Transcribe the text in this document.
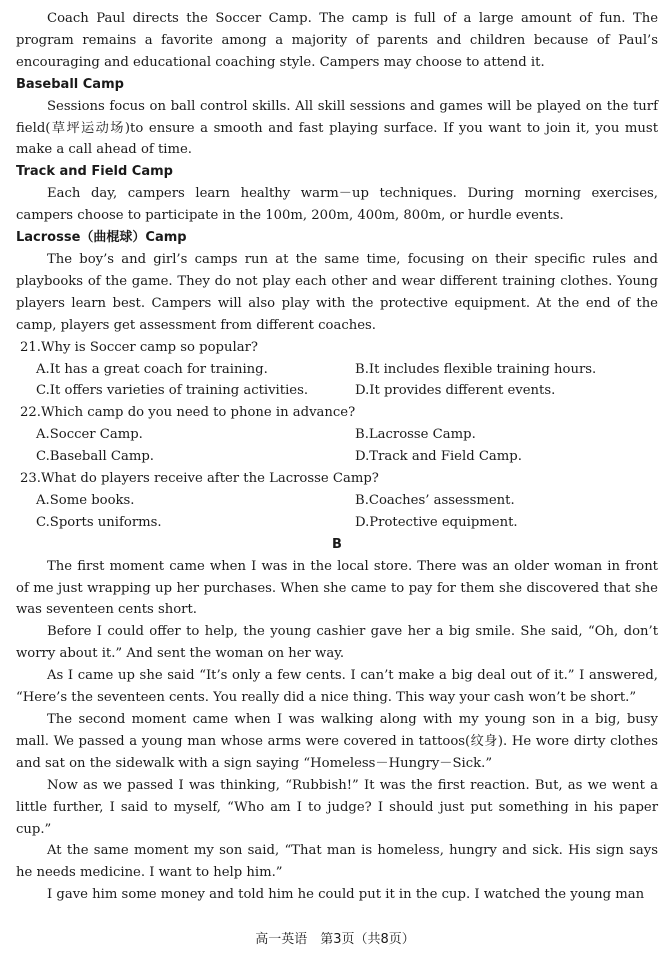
Coach Paul directs the Soccer Camp. The camp is full of a large amount of fun. The program remains a favorite among a majority of parents and children because of Paul’s encouraging and educational coaching style. Campers may choose to attend it.

Baseball Camp

Sessions focus on ball control skills. All skill sessions and games will be played on the turf field(草坪运动场)to ensure a smooth and fast playing surface. If you want to join it, you must make a call ahead of time.

Track and Field Camp

Each day, campers learn healthy warm－up techniques. During morning exercises, campers choose to participate in the 100m, 200m, 400m, 800m, or hurdle events.

Lacrosse（曲棍球）Camp

The boy’s and girl’s camps run at the same time, focusing on their specific rules and playbooks of the game. They do not play each other and wear different training clothes. Young players learn best. Campers will also play with the protective equipment. At the end of the camp, players get assessment from different coaches.

21.Why is Soccer camp so popular?

A.It has a great coach for training.	B.It includes flexible training hours.
C.It offers varieties of training activities.	D.It provides different events.

22.Which camp do you need to phone in advance?

A.Soccer Camp.	B.Lacrosse Camp.
C.Baseball Camp.	D.Track and Field Camp.

23.What do players receive after the Lacrosse Camp?

A.Some books.	B.Coaches’ assessment.
C.Sports uniforms.	D.Protective equipment.

B

The first moment came when I was in the local store. There was an older woman in front of me just wrapping up her purchases. When she came to pay for them she discovered that she was seventeen cents short.

Before I could offer to help, the young cashier gave her a big smile. She said, “Oh, don’t worry about it.” And sent the woman on her way.

As I came up she said “It’s only a few cents. I can’t make a big deal out of it.” I answered, “Here’s the seventeen cents. You really did a nice thing. This way your cash won’t be short.”

The second moment came when I was walking along with my young son in a big, busy mall. We passed a young man whose arms were covered in tattoos(纹身). He wore dirty clothes and sat on the sidewalk with a sign saying “Homeless－Hungry－Sick.”

Now as we passed I was thinking, “Rubbish!” It was the first reaction. But, as we went a little further, I said to myself, “Who am I to judge? I should just put something in his paper cup.”

At the same moment my son said, “That man is homeless, hungry and sick. His sign says he needs medicine. I want to help him.”

I gave him some money and told him he could put it in the cup. I watched the young man

高一英语　第3页（共8页）
